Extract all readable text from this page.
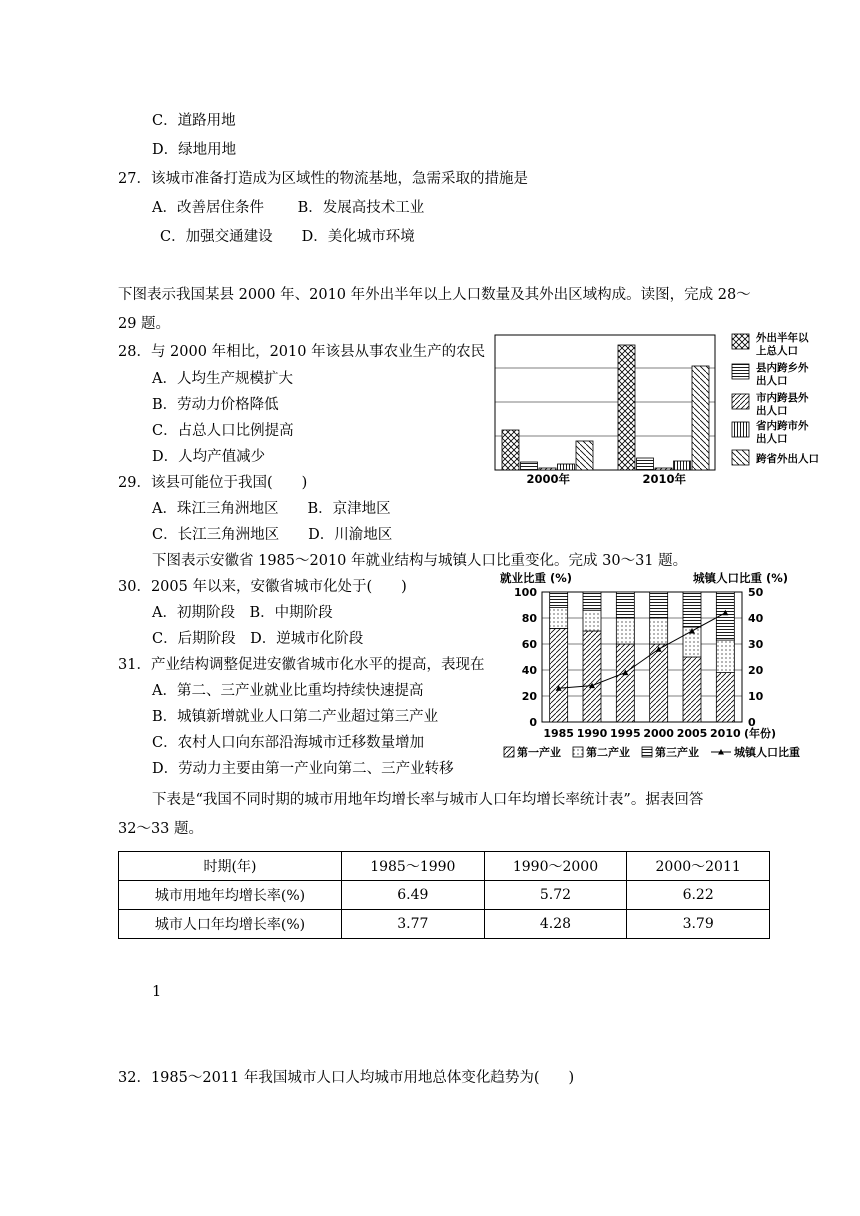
C．道路用地
D．绿地用地
27．该城市准备打造成为区域性的物流基地，急需采取的措施是
A．改善居住条件　　 B．发展高技术工业
C．加强交通建设　　D．美化城市环境
下图表示我国某县 2000 年、2010 年外出半年以上人口数量及其外出区域构成。读图，完成 28～
29 题。
28．与 2000 年相比，2010 年该县从事农业生产的农民
A．人均生产规模扩大
B．劳动力价格降低
C．占总人口比例提高
D．人均产值减少
29．该县可能位于我国(　　)
A．珠江三角洲地区　　B．京津地区
C．长江三角洲地区　　D．川渝地区
下图表示安徽省 1985～2010 年就业结构与城镇人口比重变化。完成 30～31 题。
30．2005 年以来，安徽省城市化处于(　　)
A．初期阶段　B．中期阶段
C．后期阶段　D．逆城市化阶段
31．产业结构调整促进安徽省城市化水平的提高，表现在
A．第二、三产业就业比重均持续快速提高
B．城镇新增就业人口第二产业超过第三产业
C．农村人口向东部沿海城市迁移数量增加
D．劳动力主要由第一产业向第二、三产业转移
下表是“我国不同时期的城市用地年均增长率与城市人口年均增长率统计表”。据表回答
32～33 题。
时期(年)	1985～1990	1990～2000	2000～2011
城市用地年均增长率(%)	6.49	5.72	6.22
城市人口年均增长率(%)	3.77	4.28	3.79
1
32．1985～2011 年我国城市人口人均城市用地总体变化趋势为(　　)
2000年	2010年
外出半年以
上总人口
县内跨乡外
出人口
市内跨县外
出人口
省内跨市外
出人口
跨省外出人口
就业比重 (%)	城镇人口比重 (%)
0
20
40
60
80
100
0
10
20
30
40
50
1985 1990 1995 2000 2005 2010 (年份)
第一产业 第二产业 第三产业	城镇人口比重
